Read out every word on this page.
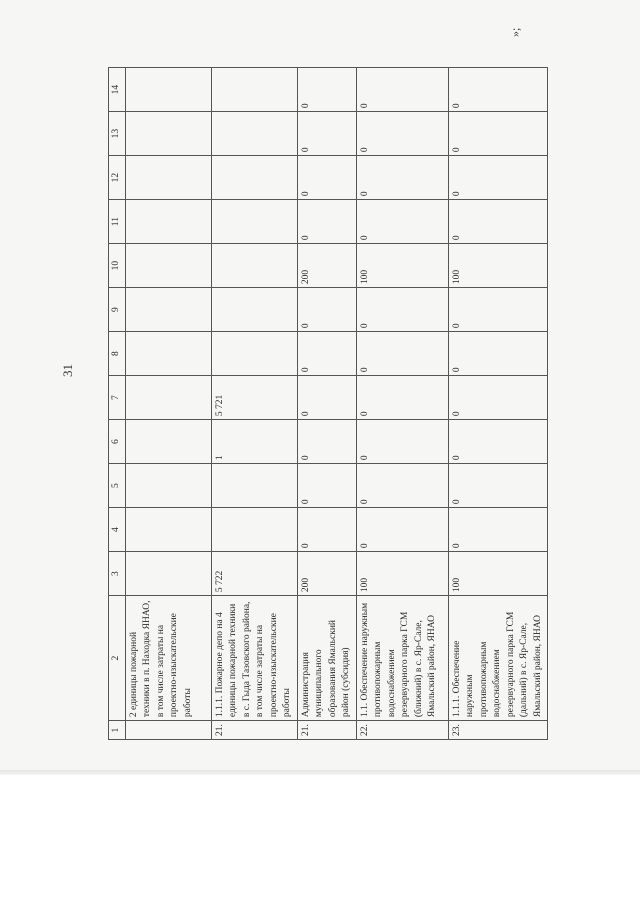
31
1	2	3	4	5	6	7	8	9	10	11	12	13	14
	2 единицы пожарной техники в п. Находка ЯНАО, в том числе затраты на проектно-изыскательские работы												
21.	1.1.1. Пожарное депо на 4 единицы пожарной техники в с. Гыда Тазовского района, в том числе затраты на проектно-изыскательские работы	5 722			1	5 721							
21.	Администрация муниципального образования Ямальский район (субсидия)	200	0	0	0	0	0	0	200	0	0	0	0
22.	1.1. Обеспечение наружным противопожарным водоснабжением резервуарного парка ГСМ (ближний) в с. Яр-Сале, Ямальский район, ЯНАО	100	0	0	0	0	0	0	100	0	0	0	0
23.	1.1.1. Обеспечение наружным противопожарным водоснабжением резервуарного парка ГСМ (дальний) в с. Яр-Сале, Ямальский район, ЯНАО	100	0	0	0	0	0	0	100	0	0	0	0
»;
